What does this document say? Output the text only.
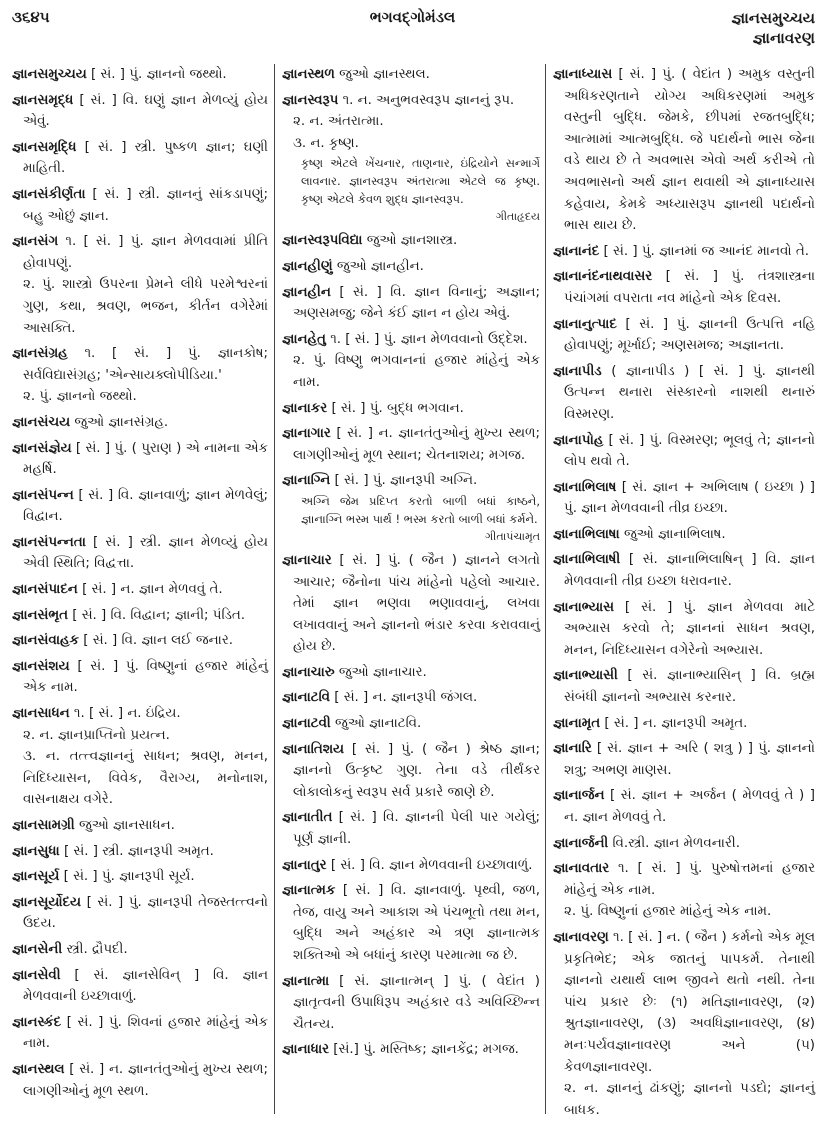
૩૬૪૫	ભગવદ્ગોમંડલ	જ્ઞાનસમુચ્ચય
જ્ઞાનાવરણ
જ્ઞાનસમુચ્ચય [ સં. ] પું. જ્ઞાનનો જથ્થો.
જ્ઞાનસમૃદ્ધ [ સં. ] વિ. ઘણું જ્ઞાન મેળવ્યું હોય એવું.
જ્ઞાનસમૃદ્ધિ [ સં. ] સ્ત્રી. પુષ્કળ જ્ઞાન; ઘણી માહિતી.
જ્ઞાનસંકીર્ણતા [ સં. ] સ્ત્રી. જ્ઞાનનું સાંકડાપણું; બહુ ઓછું જ્ઞાન.
જ્ઞાનસંગ ૧. [ સં. ] પું. જ્ઞાન મેળવવામાં પ્રીતિ હોવાપણું.
૨. પું. શાસ્ત્રો ઉપરના પ્રેમને લીધે પરમેશ્વરનાં ગુણ, કથા, શ્રવણ, ભજન, કીર્તન વગેરેમાં આસક્તિ.
જ્ઞાનસંગ્રહ ૧. [ સં. ] પું. જ્ઞાનકોષ; સર્વવિદ્યાસંગ્રહ; 'એન્સાયક્લોપીડિયા.'
૨. પું. જ્ઞાનનો જથ્થો.
જ્ઞાનસંચય જુઓ જ્ઞાનસંગ્રહ.
જ્ઞાનસંજ્ઞેય [ સં. ] પું. ( પુરાણ ) એ નામના એક મહર્ષિ.
જ્ઞાનસંપન્ન [ સં. ] વિ. જ્ઞાનવાળું; જ્ઞાન મેળવેલું; વિદ્વાન.
જ્ઞાનસંપન્નતા [ સં. ] સ્ત્રી. જ્ઞાન મેળવ્યું હોય એવી સ્થિતિ; વિદ્વત્તા.
જ્ઞાનસંપાદન [ સં. ] ન. જ્ઞાન મેળવવું તે.
જ્ઞાનસંભૃત [ સં. ] વિ. વિદ્વાન; જ્ઞાની; પંડિત.
જ્ઞાનસંવાહક [ સં. ] વિ. જ્ઞાન લઈ જનાર.
જ્ઞાનસંશય [ સં. ] પું. વિષ્ણુનાં હજાર માંહેનું એક નામ.
જ્ઞાનસાધન ૧. [ સં. ] ન. ઇંદ્રિય.
૨. ન. જ્ઞાનપ્રાપ્તિનો પ્રયત્ન.
૩. ન. તત્ત્વજ્ઞાનનું સાધન; શ્રવણ, મનન, નિદિધ્યાસન, વિવેક, વૈરાગ્ય, મનોનાશ, વાસનાક્ષય વગેરે.
જ્ઞાનસામગ્રી જુઓ જ્ઞાનસાધન.
જ્ઞાનસુધા [ સં. ] સ્ત્રી. જ્ઞાનરૂપી અમૃત.
જ્ઞાનસૂર્ય [ સં. ] પું. જ્ઞાનરૂપી સૂર્ય.
જ્ઞાનસૂર્યોદય [ સં. ] પું. જ્ઞાનરૂપી તેજસ્તત્ત્વનો ઉદય.
જ્ઞાનસેની સ્ત્રી. દ્રૌપદી.
જ્ઞાનસેવી [ સં. જ્ઞાનસેવિન્ ] વિ. જ્ઞાન મેળવવાની ઇચ્છાવાળું.
જ્ઞાનસ્કંદ [ સં. ] પું. શિવનાં હજાર માંહેનું એક નામ.
જ્ઞાનસ્થલ [ સં. ] ન. જ્ઞાનતંતુઓનું મુખ્ય સ્થળ; લાગણીઓનું મૂળ સ્થળ.
જ્ઞાનસ્થળ જુઓ જ્ઞાનસ્થલ.
જ્ઞાનસ્વરૂપ ૧. ન. અનુભવસ્વરૂપ જ્ઞાનનું રૂપ.
૨. ન. અંતરાત્મા.
૩. ન. કૃષ્ણ.
કૃષ્ણ એટલે ખેંચનાર, તાણનાર, ઇંદ્રિયોને સન્માર્ગે લાવનાર. જ્ઞાનસ્વરૂપ અંતરાત્મા એટલે જ કૃષ્ણ. કૃષ્ણ એટલે કેવળ શુદ્ધ જ્ઞાનસ્વરૂપ.
ગીતાહૃદય
જ્ઞાનસ્વરૂપવિદ્યા જુઓ જ્ઞાનશાસ્ત્ર.
જ્ઞાનહીણું જુઓ જ્ઞાનહીન.
જ્ઞાનહીન [ સં. ] વિ. જ્ઞાન વિનાનું; અજ્ઞાન; અણસમજુ; જેને કંઈ જ્ઞાન ન હોય એવું.
જ્ઞાનહેતુ ૧. [ સં. ] પું. જ્ઞાન મેળવવાનો ઉદ્દેશ.
૨. પું. વિષ્ણુ ભગવાનનાં હજાર માંહેનું એક નામ.
જ્ઞાનાકર [ સં. ] પું. બુદ્ધ ભગવાન.
જ્ઞાનાગાર [ સં. ] ન. જ્ઞાનતંતુઓનું મુખ્ય સ્થળ; લાગણીઓનું મૂળ સ્થાન; ચેતનાશય; મગજ.
જ્ઞાનાગ્નિ [ સં. ] પું. જ્ઞાનરૂપી અગ્નિ.
અગ્નિ જેમ પ્રદિપ્ત કરતો બાળી બધાં કાષ્ઠને, જ્ઞાનાગ્નિ ભસ્મ પાર્થ ! ભસ્મ કરતો બાળી બધાં કર્મને.
ગીતાપંચામૃત
જ્ઞાનાચાર [ સં. ] પું. ( જૈન ) જ્ઞાનને લગતો આચાર; જૈનોના પાંચ માંહેનો પહેલો આચાર. તેમાં જ્ઞાન ભણવા ભણાવવાનું, લખવા લખાવવાનું અને જ્ઞાનનો ભંડાર કરવા કરાવવાનું હોય છે.
જ્ઞાનાચારુ જુઓ જ્ઞાનાચાર.
જ્ઞાનાટવિ [ સં. ] ન. જ્ઞાનરૂપી જંગલ.
જ્ઞાનાટવી જુઓ જ્ઞાનાટવિ.
જ્ઞાનાતિશય [ સં. ] પું. ( જૈન ) શ્રેષ્ઠ જ્ઞાન; જ્ઞાનનો ઉત્કૃષ્ટ ગુણ. તેના વડે તીર્થંકર લોકાલોકનું સ્વરૂપ સર્વ પ્રકારે જાણે છે.
જ્ઞાનાતીત [ સં. ] વિ. જ્ઞાનની પેલી પાર ગયેલું; પૂર્ણ જ્ઞાની.
જ્ઞાનાતુર [ સં. ] વિ. જ્ઞાન મેળવવાની ઇચ્છાવાળું.
જ્ઞાનાત્મક [ સં. ] વિ. જ્ઞાનવાળું. પૃથ્વી, જળ, તેજ, વાયુ અને આકાશ એ પંચભૂતો તથા મન, બુદ્ધિ અને અહંકાર એ ત્રણ જ્ઞાનાત્મક શક્તિઓ એ બધાંનું કારણ પરમાત્મા જ છે.
જ્ઞાનાત્મા [ સં. જ્ઞાનાત્મન્ ] પું. ( વેદાંત ) જ્ઞાતૃત્વની ઉપાધિરૂપ અહંકાર વડે અવિચ્છિન્ન ચૈતન્ય.
જ્ઞાનાધાર [સં.] પું. મસ્તિષ્ક; જ્ઞાનકેંદ્ર; મગજ.
જ્ઞાનાધ્યાસ [ સં. ] પું. ( વેદાંત ) અમુક વસ્તુની અધિકરણતાને યોગ્ય અધિકરણમાં અમુક વસ્તુની બુદ્ધિ. જેમકે, છીપમાં રજતબુદ્ધિ; આત્મામાં આત્મબુદ્ધિ. જે પદાર્થનો ભાસ જેના વડે થાય છે તે અવભાસ એવો અર્થ કરીએ તો અવભાસનો અર્થ જ્ઞાન થવાથી એ જ્ઞાનાધ્યાસ કહેવાય, કેમકે અધ્યાસરૂપ જ્ઞાનથી પદાર્થનો ભાસ થાય છે.
જ્ઞાનાનંદ [ સં. ] પું. જ્ઞાનમાં જ આનંદ માનવો તે.
જ્ઞાનાનંદનાથવાસર [ સં. ] પું. તંત્રશાસ્ત્રના પંચાંગમાં વપરાતા નવ માંહેનો એક દિવસ.
જ્ઞાનાનુત્પાદ [ સં. ] પું. જ્ઞાનની ઉત્પત્તિ નહિ હોવાપણું; મૂર્ખાઈ; અણસમજ; અજ્ઞાનતા.
જ્ઞાનાપીડ ( જ્ઞાનાપીડ ) [ સં. ] પું. જ્ઞાનથી ઉત્પન્ન થનારા સંસ્કારનો નાશથી થનારું વિસ્મરણ.
જ્ઞાનાપોહ [ સં. ] પું. વિસ્મરણ; ભૂલવું તે; જ્ઞાનનો લોપ થવો તે.
જ્ઞાનાભિલાષ [ સં. જ્ઞાન + અભિલાષ ( ઇચ્છા ) ] પું. જ્ઞાન મેળવવાની તીવ્ર ઇચ્છા.
જ્ઞાનાભિલાષા જુઓ જ્ઞાનાભિલાષ.
જ્ઞાનાભિલાષી [ સં. જ્ઞાનાભિલાષિન્ ] વિ. જ્ઞાન મેળવવાની તીવ્ર ઇચ્છા ધરાવનાર.
જ્ઞાનાભ્યાસ [ સં. ] પું. જ્ઞાન મેળવવા માટે અભ્યાસ કરવો તે; જ્ઞાનનાં સાધન શ્રવણ, મનન, નિદિધ્યાસન વગેરેનો અભ્યાસ.
જ્ઞાનાભ્યાસી [ સં. જ્ઞાનાભ્યાસિન્ ] વિ. બ્રહ્મ સંબંધી જ્ઞાનનો અભ્યાસ કરનાર.
જ્ઞાનામૃત [ સં. ] ન. જ્ઞાનરૂપી અમૃત.
જ્ઞાનારિ [ સં. જ્ઞાન + અરિ ( શત્રુ ) ] પું. જ્ઞાનનો શત્રુ; અભણ માણસ.
જ્ઞાનાર્જન [ સં. જ્ઞાન + અર્જન ( મેળવવું તે ) ] ન. જ્ઞાન મેળવવું તે.
જ્ઞાનાર્જની વિ.સ્ત્રી. જ્ઞાન મેળવનારી.
જ્ઞાનાવતાર ૧. [ સં. ] પું. પુરુષોત્તમનાં હજાર માંહેનું એક નામ.
૨. પું. વિષ્ણુનાં હજાર માંહેનું એક નામ.
જ્ઞાનાવરણ ૧. [ સં. ] ન. ( જૈન ) કર્મનો એક મૂલ પ્રકૃતિભેદ; એક જાતનું પાપકર્મ. તેનાથી જ્ઞાનનો યથાર્થ લાભ જીવને થતો નથી. તેના પાંચ પ્રકાર છેઃ (૧) મતિજ્ઞાનાવરણ, (૨) શ્રુતજ્ઞાનાવરણ, (૩) અવધિજ્ઞાનાવરણ, (૪) મનઃપર્યવજ્ઞાનાવરણ અને (૫) કેવળજ્ઞાનાવરણ.
૨. ન. જ્ઞાનનું ઢાંકણું; જ્ઞાનનો પડદો; જ્ઞાનનું બાધક.
